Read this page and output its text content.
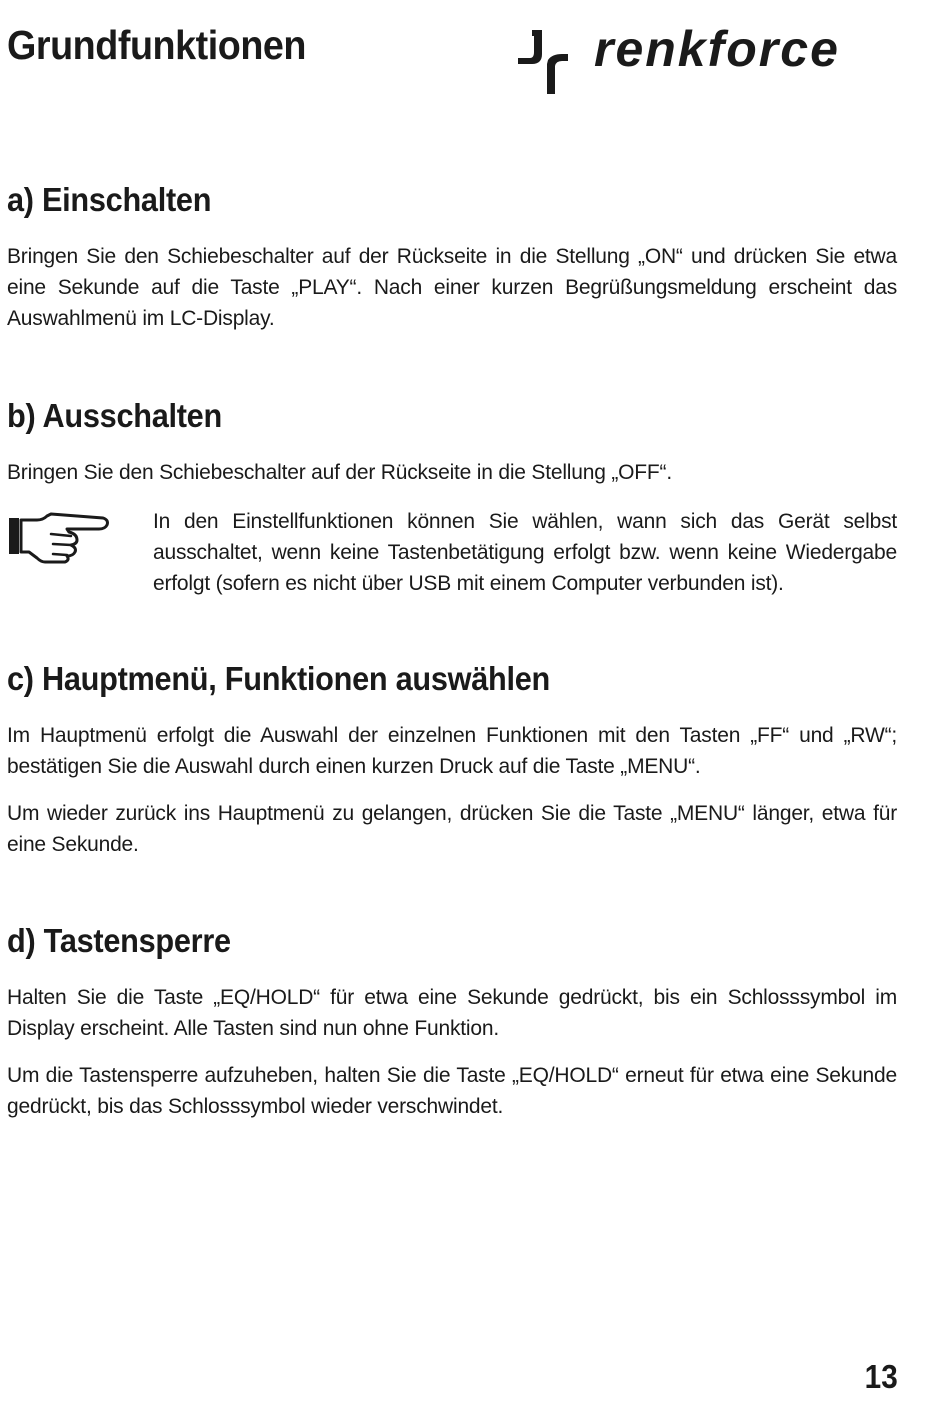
Grundfunktionen	renkforce
a) Einschalten

Bringen Sie den Schiebeschalter auf der Rückseite in die Stellung „ON“ und drücken Sie etwa eine Sekunde auf die Taste „PLAY“. Nach einer kurzen Begrüßungsmeldung erscheint das Auswahlmenü im LC-Display.

b) Ausschalten

Bringen Sie den Schiebeschalter auf der Rückseite in die Stellung „OFF“.

In den Einstellfunktionen können Sie wählen, wann sich das Gerät selbst ausschaltet, wenn keine Tastenbetätigung erfolgt bzw. wenn keine Wiedergabe erfolgt (sofern es nicht über USB mit einem Computer verbunden ist).

c) Hauptmenü, Funktionen auswählen

Im Hauptmenü erfolgt die Auswahl der einzelnen Funktionen mit den Tasten „FF“ und „RW“; bestätigen Sie die Auswahl durch einen kurzen Druck auf die Taste „MENU“.

Um wieder zurück ins Hauptmenü zu gelangen, drücken Sie die Taste „MENU“ länger, etwa für eine Sekunde.

d) Tastensperre

Halten Sie die Taste „EQ/HOLD“ für etwa eine Sekunde gedrückt, bis ein Schlosssymbol im Display erscheint. Alle Tasten sind nun ohne Funktion.

Um die Tastensperre aufzuheben, halten Sie die Taste „EQ/HOLD“ erneut für etwa eine Sekunde gedrückt, bis das Schlosssymbol wieder verschwindet.

13
